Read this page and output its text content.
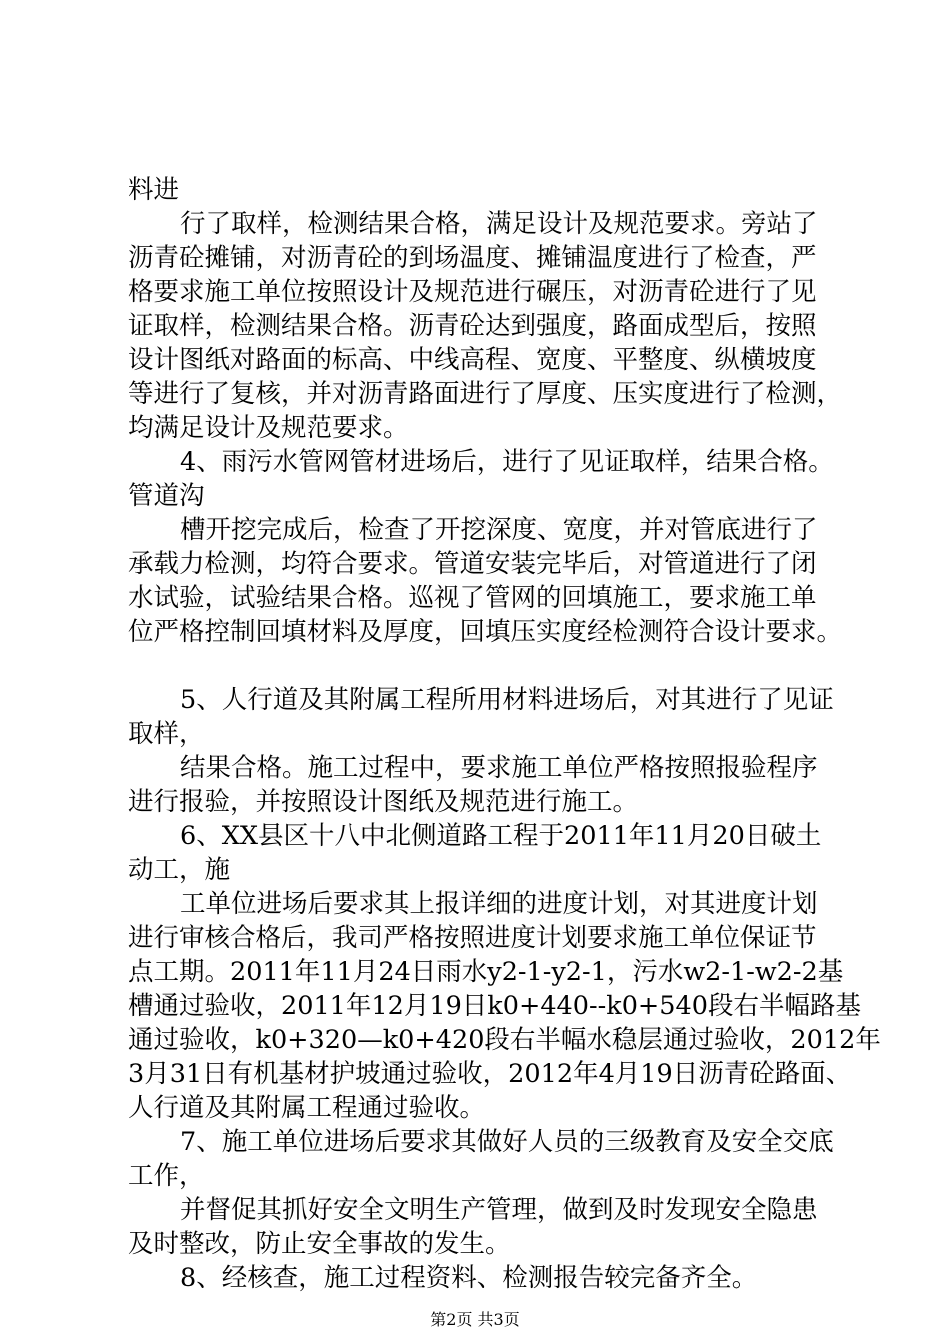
料进
行了取样，检测结果合格，满足设计及规范要求。旁站了
沥青砼摊铺，对沥青砼的到场温度、摊铺温度进行了检查，严
格要求施工单位按照设计及规范进行碾压，对沥青砼进行了见
证取样，检测结果合格。沥青砼达到强度，路面成型后，按照
设计图纸对路面的标高、中线高程、宽度、平整度、纵横坡度
等进行了复核，并对沥青路面进行了厚度、压实度进行了检测，
均满足设计及规范要求。
4、雨污水管网管材进场后，进行了见证取样，结果合格。
管道沟
槽开挖完成后，检查了开挖深度、宽度，并对管底进行了
承载力检测，均符合要求。管道安装完毕后，对管道进行了闭
水试验，试验结果合格。巡视了管网的回填施工，要求施工单
位严格控制回填材料及厚度，回填压实度经检测符合设计要求。
5、人行道及其附属工程所用材料进场后，对其进行了见证
取样，
结果合格。施工过程中，要求施工单位严格按照报验程序
进行报验，并按照设计图纸及规范进行施工。
6、XX县区十八中北侧道路工程于2011年11月20日破土
动工，施
工单位进场后要求其上报详细的进度计划，对其进度计划
进行审核合格后，我司严格按照进度计划要求施工单位保证节
点工期。2011年11月24日雨水y2-1-y2-1，污水w2-1-w2-2基
槽通过验收，2011年12月19日k0+440--k0+540段右半幅路基
通过验收，k0+320—k0+420段右半幅水稳层通过验收，2012年
3月31日有机基材护坡通过验收，2012年4月19日沥青砼路面、
人行道及其附属工程通过验收。
7、施工单位进场后要求其做好人员的三级教育及安全交底
工作，
并督促其抓好安全文明生产管理，做到及时发现安全隐患
及时整改，防止安全事故的发生。
8、经核查，施工过程资料、检测报告较完备齐全。
第2页 共3页
